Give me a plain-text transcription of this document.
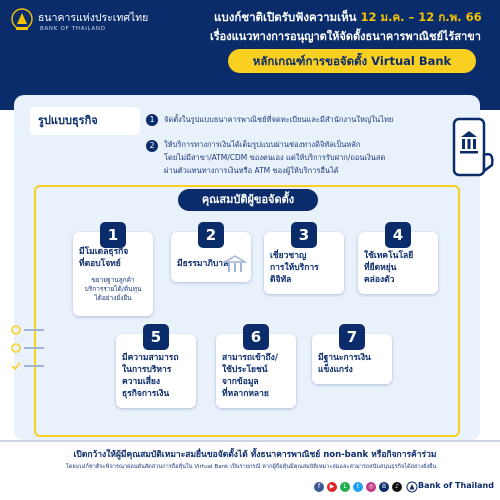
ธนาคารแห่งประเทศไทย
BANK OF THAILAND
แบงก์ชาติเปิดรับฟังความเห็น 12 ม.ค. – 12 ก.พ. 66
เรื่องแนวทางการอนุญาตให้จัดตั้งธนาคารพาณิชย์ไร้สาขา
หลักเกณฑ์การขอจัดตั้ง Virtual Bank
รูปแบบธุรกิจ	1	จัดตั้งในรูปแบบธนาคารพาณิชย์ที่จดทะเบียนและมีสำนักงานใหญ่ในไทย
2	ให้บริการทางการเงินได้เต็มรูปแบบผ่านช่องทางดิจิทัลเป็นหลัก
โดยไม่มีสาขา/ATM/CDM ของตนเอง แต่ให้บริการรับฝาก/ถอนเงินสด
ผ่านตัวแทนทางการเงินหรือ ATM ของผู้ให้บริการอื่นได้
คุณสมบัติผู้ขอจัดตั้ง
1
มีโมเดลธุรกิจ
ที่ตอบโจทย์
ขยายฐานลูกค้า
บริการรายได้/ต้นทุน
ได้อย่างยั่งยืน
2
มีธรรมาภิบาล
3
เชี่ยวชาญ
การให้บริการ
ดิจิทัล
4
ใช้เทคโนโลยี
ที่ยืดหยุ่น
คล่องตัว
5
มีความสามารถ
ในการบริหาร
ความเสี่ยง
ธุรกิจการเงิน
6
สามารถเข้าถึง/
ใช้ประโยชน์
จากข้อมูล
ที่หลากหลาย
7
มีฐานะการเงิน
แข็งแกร่ง
เปิดกว้างให้ผู้มีคุณสมบัติเหมาะสมยื่นขอจัดตั้งได้ ทั้งธนาคารพาณิชย์ non-bank หรือกิจการค้าร่วม
โดยแบงก์ชาติจะพิจารณาผ่อนผันสัดส่วนการถือหุ้นใน Virtual Bank เป็นรายกรณี หากผู้ถือหุ้นมีคุณสมบัติเหมาะสมและสามารถสนับสนุนธุรกิจได้อย่างยั่งยืน
f	▶	L	t	◎	B	♪	Bank of Thailand
